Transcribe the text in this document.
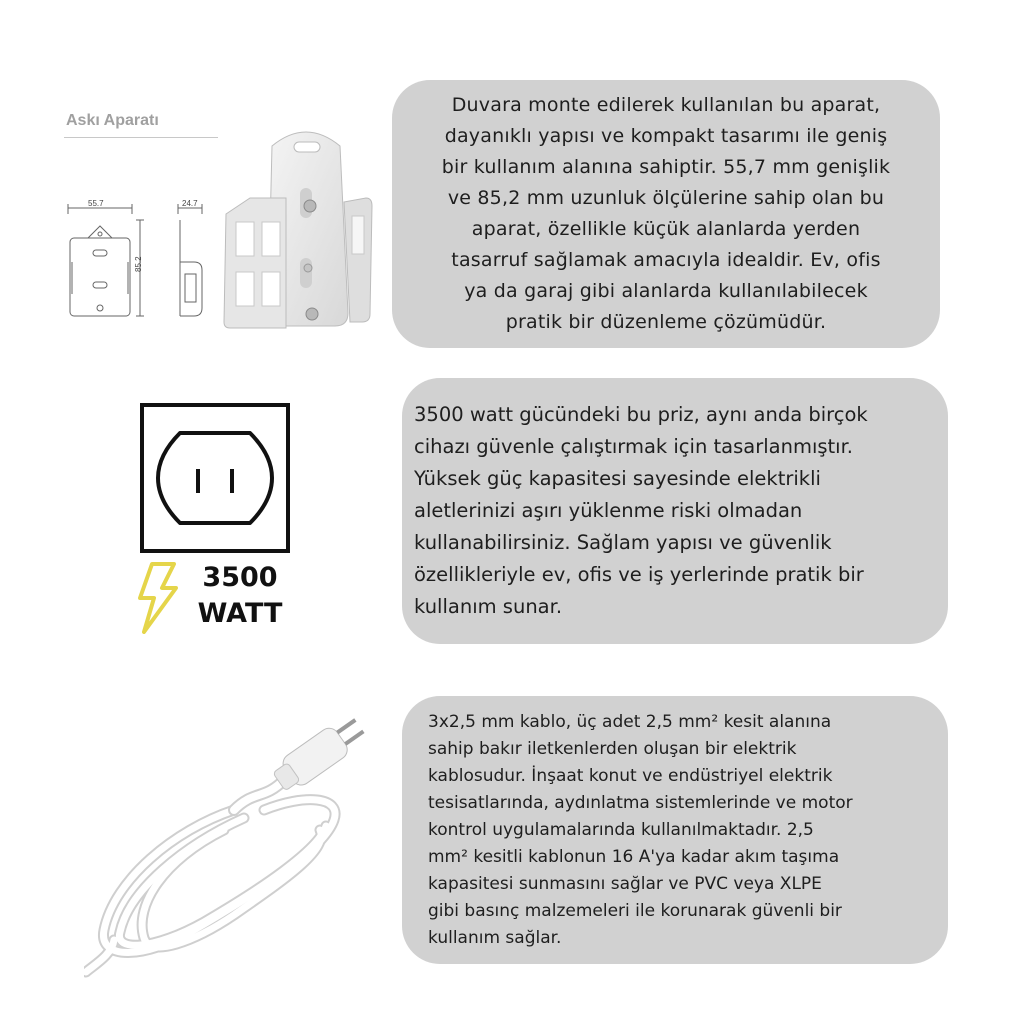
Askı Aparatı
55.7	24.7
85.2

Duvara monte edilerek kullanılan bu aparat,
dayanıklı yapısı ve kompakt tasarımı ile geniş
bir kullanım alanına sahiptir. 55,7 mm genişlik
ve 85,2 mm uzunluk ölçülerine sahip olan bu
aparat, özellikle küçük alanlarda yerden
tasarruf sağlamak amacıyla idealdir. Ev, ofis
ya da garaj gibi alanlarda kullanılabilecek
pratik bir düzenleme çözümüdür.

3500
WATT

3500 watt gücündeki bu priz, aynı anda birçok
cihazı güvenle çalıştırmak için tasarlanmıştır.
Yüksek güç kapasitesi sayesinde elektrikli
aletlerinizi aşırı yüklenme riski olmadan
kullanabilirsiniz. Sağlam yapısı ve güvenlik
özellikleriyle ev, ofis ve iş yerlerinde pratik bir
kullanım sunar.

3x2,5 mm kablo, üç adet 2,5 mm² kesit alanına
sahip bakır iletkenlerden oluşan bir elektrik
kablosudur. İnşaat konut ve endüstriyel elektrik
tesisatlarında, aydınlatma sistemlerinde ve motor
kontrol uygulamalarında kullanılmaktadır. 2,5
mm² kesitli kablonun 16 A'ya kadar akım taşıma
kapasitesi sunmasını sağlar ve PVC veya XLPE
gibi basınç malzemeleri ile korunarak güvenli bir
kullanım sağlar.
